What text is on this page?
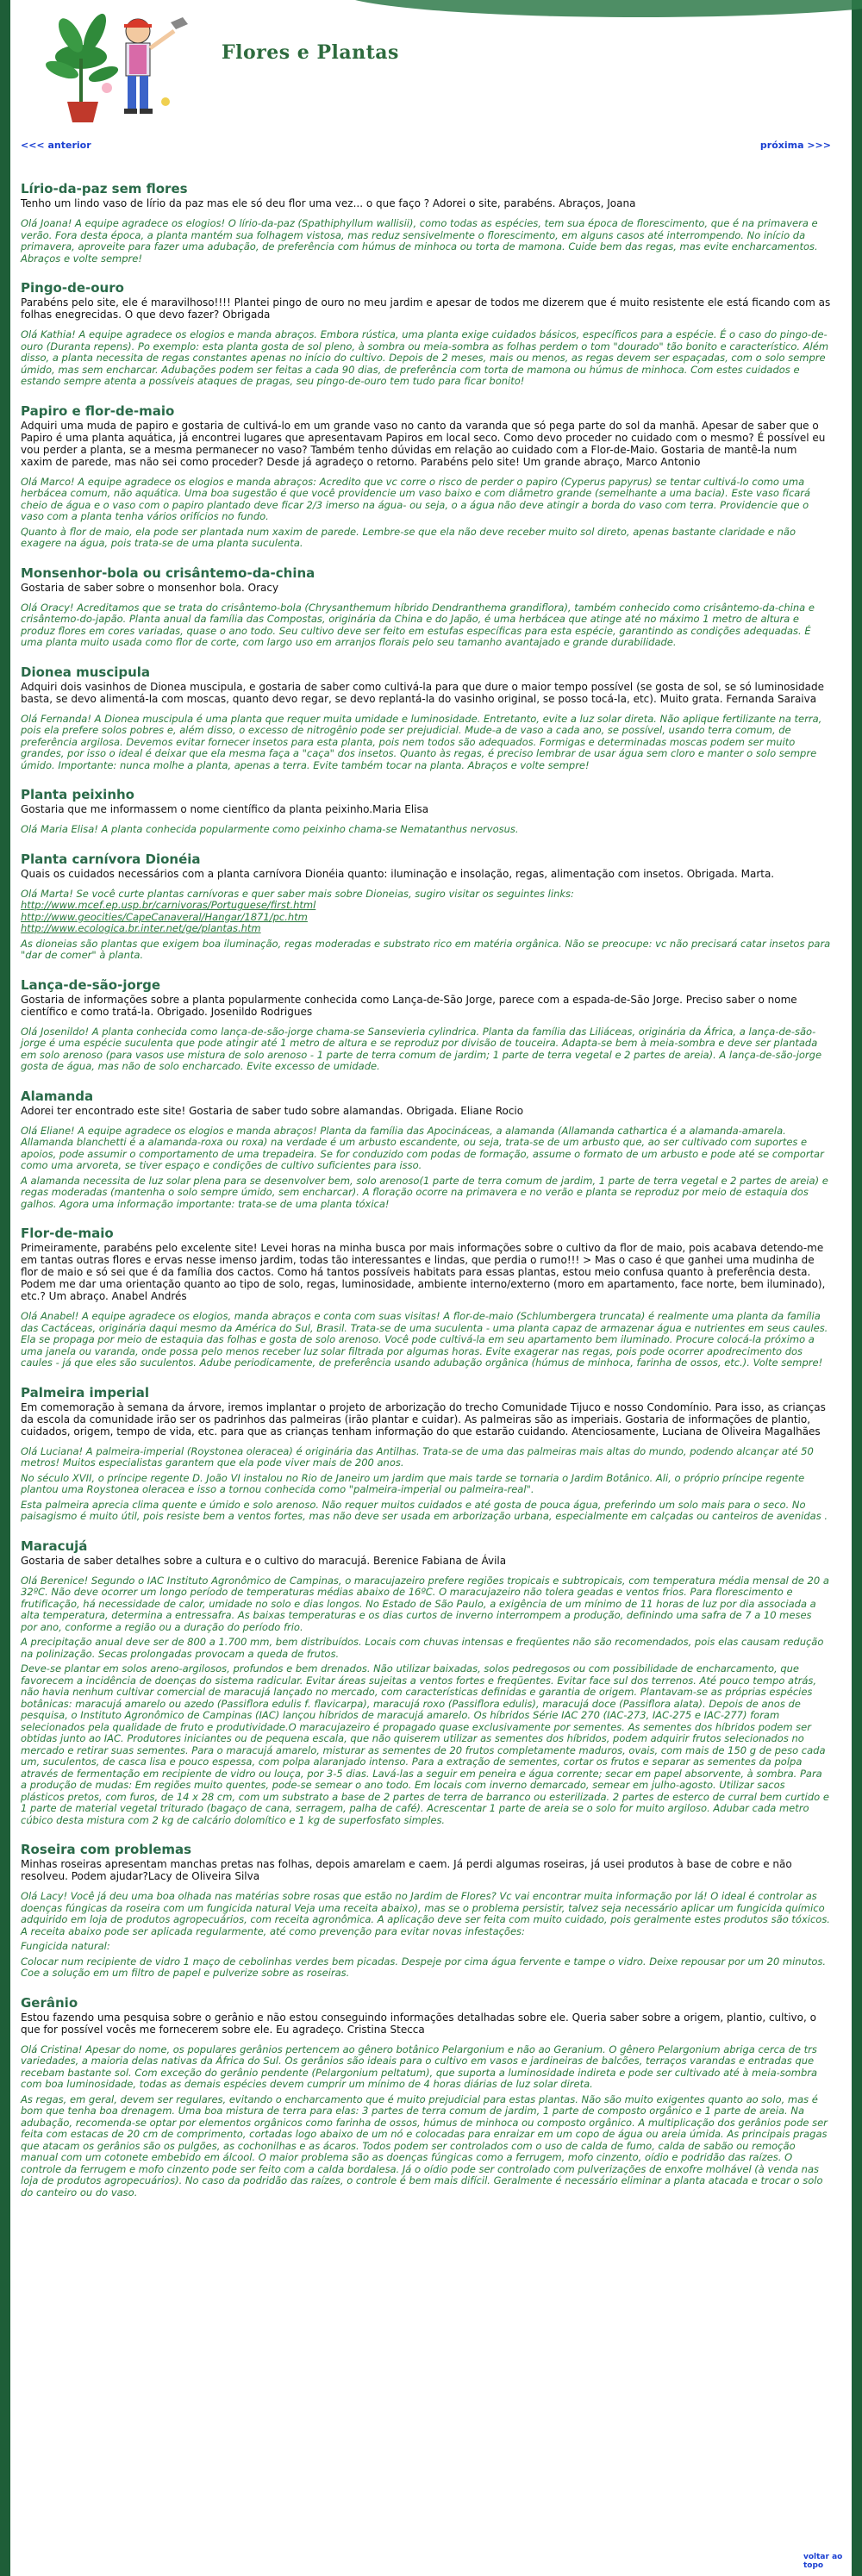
Flores e Plantas
<<< anterior	próxima >>>
Lírio-da-paz sem flores

Tenho um lindo vaso de lírio da paz mas ele só deu flor uma vez... o que faço ? Adorei o site, parabéns. Abraços, Joana

Olá Joana! A equipe agradece os elogios! O lírio-da-paz (Spathiphyllum wallisii), como todas as espécies, tem sua época de florescimento, que é na primavera e verão. Fora desta época, a planta mantém sua folhagem vistosa, mas reduz sensivelmente o florescimento, em alguns casos até interrompendo. No início da primavera, aproveite para fazer uma adubação, de preferência com húmus de minhoca ou torta de mamona. Cuide bem das regas, mas evite encharcamentos. Abraços e volte sempre!

Pingo-de-ouro

Parabéns pelo site, ele é maravilhoso!!!! Plantei pingo de ouro no meu jardim e apesar de todos me dizerem que é muito resistente ele está ficando com as folhas enegrecidas. O que devo fazer? Obrigada

Olá Kathia! A equipe agradece os elogios e manda abraços. Embora rústica, uma planta exige cuidados básicos, específicos para a espécie. É o caso do pingo-de-ouro (Duranta repens). Po exemplo: esta planta gosta de sol pleno, à sombra ou meia-sombra as folhas perdem o tom "dourado" tão bonito e característico. Além disso, a planta necessita de regas constantes apenas no início do cultivo. Depois de 2 meses, mais ou menos, as regas devem ser espaçadas, com o solo sempre úmido, mas sem encharcar. Adubações podem ser feitas a cada 90 dias, de preferência com torta de mamona ou húmus de minhoca. Com estes cuidados e estando sempre atenta a possíveis ataques de pragas, seu pingo-de-ouro tem tudo para ficar bonito!

Papiro e flor-de-maio

Adquiri uma muda de papiro e gostaria de cultivá-lo em um grande vaso no canto da varanda que só pega parte do sol da manhã. Apesar de saber que o Papiro é uma planta aquática, já encontrei lugares que apresentavam Papiros em local seco. Como devo proceder no cuidado com o mesmo? É possível eu vou perder a planta, se a mesma permanecer no vaso? Também tenho dúvidas em relação ao cuidado com a Flor-de-Maio. Gostaria de mantê-la num xaxim de parede, mas não sei como proceder? Desde já agradeço o retorno. Parabéns pelo site! Um grande abraço, Marco Antonio

Olá Marco! A equipe agradece os elogios e manda abraços: Acredito que vc corre o risco de perder o papiro (Cyperus papyrus) se tentar cultivá-lo como uma herbácea comum, não aquática. Uma boa sugestão é que você providencie um vaso baixo e com diâmetro grande (semelhante a uma bacia). Este vaso ficará cheio de água e o vaso com o papiro plantado deve ficar 2/3 imerso na água- ou seja, o a água não deve atingir a borda do vaso com terra. Providencie que o vaso com a planta tenha vários orifícios no fundo.

Quanto à flor de maio, ela pode ser plantada num xaxim de parede. Lembre-se que ela não deve receber muito sol direto, apenas bastante claridade e não exagere na água, pois trata-se de uma planta suculenta.

Monsenhor-bola ou crisântemo-da-china

Gostaria de saber sobre o monsenhor bola. Oracy

Olá Oracy! Acreditamos que se trata do crisântemo-bola (Chrysanthemum híbrido Dendranthema grandiflora), também conhecido como crisântemo-da-china e crisântemo-do-japão. Planta anual da família das Compostas, originária da China e do Japão, é uma herbácea que atinge até no máximo 1 metro de altura e produz flores em cores variadas, quase o ano todo. Seu cultivo deve ser feito em estufas específicas para esta espécie, garantindo as condições adequadas. É uma planta muito usada como flor de corte, com largo uso em arranjos florais pelo seu tamanho avantajado e grande durabilidade.

Dionea muscipula

Adquiri dois vasinhos de Dionea muscipula, e gostaria de saber como cultivá-la para que dure o maior tempo possível (se gosta de sol, se só luminosidade basta, se devo alimentá-la com moscas, quanto devo regar, se devo replantá-la do vasinho original, se posso tocá-la, etc). Muito grata. Fernanda Saraiva

Olá Fernanda! A Dionea muscipula é uma planta que requer muita umidade e luminosidade. Entretanto, evite a luz solar direta. Não aplique fertilizante na terra, pois ela prefere solos pobres e, além disso, o excesso de nitrogênio pode ser prejudicial. Mude-a de vaso a cada ano, se possível, usando terra comum, de preferência argilosa. Devemos evitar fornecer insetos para esta planta, pois nem todos são adequados. Formigas e determinadas moscas podem ser muito grandes, por isso o ideal é deixar que ela mesma faça a "caça" dos insetos. Quanto às regas, é preciso lembrar de usar água sem cloro e manter o solo sempre úmido. Importante: nunca molhe a planta, apenas a terra. Evite também tocar na planta. Abraços e volte sempre!

Planta peixinho

Gostaria que me informassem o nome científico da planta peixinho.Maria Elisa

Olá Maria Elisa! A planta conhecida popularmente como peixinho chama-se Nematanthus nervosus.

Planta carnívora Dionéia

Quais os cuidados necessários com a planta carnívora Dionéia quanto: iluminação e insolação, regas, alimentação com insetos. Obrigada. Marta.

Olá Marta! Se você curte plantas carnívoras e quer saber mais sobre Dioneias, sugiro visitar os seguintes links:

http://www.mcef.ep.usp.br/carnivoras/Portuguese/first.html
http://www.geocities/CapeCanaveral/Hangar/1871/pc.htm
http://www.ecologica.br.inter.net/ge/plantas.htm

As dioneias são plantas que exigem boa iluminação, regas moderadas e substrato rico em matéria orgânica. Não se preocupe: vc não precisará catar insetos para "dar de comer" à planta.

Lança-de-são-jorge

Gostaria de informações sobre a planta popularmente conhecida como Lança-de-São Jorge, parece com a espada-de-São Jorge. Preciso saber o nome científico e como tratá-la. Obrigado. Josenildo Rodrigues

Olá Josenildo! A planta conhecida como lança-de-são-jorge chama-se Sansevieria cylindrica. Planta da família das Liliáceas, originária da África, a lança-de-são-jorge é uma espécie suculenta que pode atingir até 1 metro de altura e se reproduz por divisão de touceira. Adapta-se bem à meia-sombra e deve ser plantada em solo arenoso (para vasos use mistura de solo arenoso - 1 parte de terra comum de jardim; 1 parte de terra vegetal e 2 partes de areia). A lança-de-são-jorge gosta de água, mas não de solo encharcado. Evite excesso de umidade.

Alamanda

Adorei ter encontrado este site! Gostaria de saber tudo sobre alamandas. Obrigada. Eliane Rocio

Olá Eliane! A equipe agradece os elogios e manda abraços! Planta da família das Apocináceas, a alamanda (Allamanda cathartica é a alamanda-amarela. Allamanda blanchetti é a alamanda-roxa ou roxa) na verdade é um arbusto escandente, ou seja, trata-se de um arbusto que, ao ser cultivado com suportes e apoios, pode assumir o comportamento de uma trepadeira. Se for conduzido com podas de formação, assume o formato de um arbusto e pode até se comportar como uma arvoreta, se tiver espaço e condições de cultivo suficientes para isso.

A alamanda necessita de luz solar plena para se desenvolver bem, solo arenoso(1 parte de terra comum de jardim, 1 parte de terra vegetal e 2 partes de areia) e regas moderadas (mantenha o solo sempre úmido, sem encharcar). A floração ocorre na primavera e no verão e planta se reproduz por meio de estaquia dos galhos. Agora uma informação importante: trata-se de uma planta tóxica!

Flor-de-maio

Primeiramente, parabéns pelo excelente site! Levei horas na minha busca por mais informações sobre o cultivo da flor de maio, pois acabava detendo-me em tantas outras flores e ervas nesse imenso jardim, todas tão interessantes e lindas, que perdia o rumo!!! > Mas o caso é que ganhei uma mudinha de flor de maio e só sei que é da família dos cactos. Como há tantos possíveis habitats para essas plantas, estou meio confusa quanto à preferência desta. Podem me dar uma orientação quanto ao tipo de solo, regas, luminosidade, ambiente interno/externo (moro em apartamento, face norte, bem iluminado), etc.? Um abraço. Anabel Andrés

Olá Anabel! A equipe agradece os elogios, manda abraços e conta com suas visitas! A flor-de-maio (Schlumbergera truncata) é realmente uma planta da família das Cactáceas, originária daqui mesmo da América do Sul, Brasil. Trata-se de uma suculenta - uma planta capaz de armazenar água e nutrientes em seus caules. Ela se propaga por meio de estaquia das folhas e gosta de solo arenoso. Você pode cultivá-la em seu apartamento bem iluminado. Procure colocá-la próximo a uma janela ou varanda, onde possa pelo menos receber luz solar filtrada por algumas horas. Evite exagerar nas regas, pois pode ocorrer apodrecimento dos caules - já que eles são suculentos. Adube periodicamente, de preferência usando adubação orgânica (húmus de minhoca, farinha de ossos, etc.). Volte sempre!

Palmeira imperial

Em comemoração à semana da árvore, iremos implantar o projeto de arborização do trecho Comunidade Tijuco e nosso Condomínio. Para isso, as crianças da escola da comunidade irão ser os padrinhos das palmeiras (irão plantar e cuidar). As palmeiras são as imperiais. Gostaria de informações de plantio, cuidados, origem, tempo de vida, etc. para que as crianças tenham informação do que estarão cuidando. Atenciosamente, Luciana de Oliveira Magalhães

Olá Luciana! A palmeira-imperial (Roystonea oleracea) é originária das Antilhas. Trata-se de uma das palmeiras mais altas do mundo, podendo alcançar até 50 metros! Muitos especialistas garantem que ela pode viver mais de 200 anos.

No século XVII, o príncipe regente D. João VI instalou no Rio de Janeiro um jardim que mais tarde se tornaria o Jardim Botânico. Ali, o próprio príncipe regente plantou uma Roystonea oleracea e isso a tornou conhecida como "palmeira-imperial ou palmeira-real".

Esta palmeira aprecia clima quente e úmido e solo arenoso. Não requer muitos cuidados e até gosta de pouca água, preferindo um solo mais para o seco. No paisagismo é muito útil, pois resiste bem a ventos fortes, mas não deve ser usada em arborização urbana, especialmente em calçadas ou canteiros de avenidas .

Maracujá

Gostaria de saber detalhes sobre a cultura e o cultivo do maracujá. Berenice Fabiana de Ávila

Olá Berenice! Segundo o IAC Instituto Agronômico de Campinas, o maracujazeiro prefere regiões tropicais e subtropicais, com temperatura média mensal de 20 a 32ºC. Não deve ocorrer um longo período de temperaturas médias abaixo de 16ºC. O maracujazeiro não tolera geadas e ventos frios. Para florescimento e frutificação, há necessidade de calor, umidade no solo e dias longos. No Estado de São Paulo, a exigência de um mínimo de 11 horas de luz por dia associada a alta temperatura, determina a entressafra. As baixas temperaturas e os dias curtos de inverno interrompem a produção, definindo uma safra de 7 a 10 meses por ano, conforme a região ou a duração do período frio.

A precipitação anual deve ser de 800 a 1.700 mm, bem distribuídos. Locais com chuvas intensas e freqüentes não são recomendados, pois elas causam redução na polinização. Secas prolongadas provocam a queda de frutos.

Deve-se plantar em solos areno-argilosos, profundos e bem drenados. Não utilizar baixadas, solos pedregosos ou com possibilidade de encharcamento, que favorecem a incidência de doenças do sistema radicular. Evitar áreas sujeitas a ventos fortes e freqüentes. Evitar face sul dos terrenos. Até pouco tempo atrás, não havia nenhum cultivar comercial de maracujá lançado no mercado, com características definidas e garantia de origem. Plantavam-se as próprias espécies botânicas: maracujá amarelo ou azedo (Passiflora edulis f. flavicarpa), maracujá roxo (Passiflora edulis), maracujá doce (Passiflora alata). Depois de anos de pesquisa, o Instituto Agronômico de Campinas (IAC) lançou híbridos de maracujá amarelo. Os híbridos Série IAC 270 (IAC-273, IAC-275 e IAC-277) foram selecionados pela qualidade de fruto e produtividade.O maracujazeiro é propagado quase exclusivamente por sementes. As sementes dos híbridos podem ser obtidas junto ao IAC. Produtores iniciantes ou de pequena escala, que não quiserem utilizar as sementes dos híbridos, podem adquirir frutos selecionados no mercado e retirar suas sementes. Para o maracujá amarelo, misturar as sementes de 20 frutos completamente maduros, ovais, com mais de 150 g de peso cada um, suculentos, de casca lisa e pouco espessa, com polpa alaranjado intenso. Para a extração de sementes, cortar os frutos e separar as sementes da polpa através de fermentação em recipiente de vidro ou louça, por 3-5 dias. Lavá-las a seguir em peneira e água corrente; secar em papel absorvente, à sombra. Para a produção de mudas: Em regiões muito quentes, pode-se semear o ano todo. Em locais com inverno demarcado, semear em julho-agosto. Utilizar sacos plásticos pretos, com furos, de 14 x 28 cm, com um substrato a base de 2 partes de terra de barranco ou esterilizada. 2 partes de esterco de curral bem curtido e 1 parte de material vegetal triturado (bagaço de cana, serragem, palha de café). Acrescentar 1 parte de areia se o solo for muito argiloso. Adubar cada metro cúbico desta mistura com 2 kg de calcário dolomítico e 1 kg de superfosfato simples.

Roseira com problemas

Minhas roseiras apresentam manchas pretas nas folhas, depois amarelam e caem. Já perdi algumas roseiras, já usei produtos à base de cobre e não resolveu. Podem ajudar?Lacy de Oliveira Silva

Olá Lacy! Você já deu uma boa olhada nas matérias sobre rosas que estão no Jardim de Flores? Vc vai encontrar muita informação por lá! O ideal é controlar as doenças fúngicas da roseira com um fungicida natural Veja uma receita abaixo), mas se o problema persistir, talvez seja necessário aplicar um fungicida químico adquirido em loja de produtos agropecuários, com receita agronômica. A aplicação deve ser feita com muito cuidado, pois geralmente estes produtos são tóxicos. A receita abaixo pode ser aplicada regularmente, até como prevenção para evitar novas infestações:

Fungicida natural:

Colocar num recipiente de vidro 1 maço de cebolinhas verdes bem picadas. Despeje por cima água fervente e tampe o vidro. Deixe repousar por um 20 minutos. Coe a solução em um filtro de papel e pulverize sobre as roseiras.

Gerânio

Estou fazendo uma pesquisa sobre o gerânio e não estou conseguindo informações detalhadas sobre ele. Queria saber sobre a origem, plantio, cultivo, o que for possível vocês me fornecerem sobre ele. Eu agradeço. Cristina Stecca

Olá Cristina! Apesar do nome, os populares gerânios pertencem ao gênero botânico Pelargonium e não ao Geranium. O gênero Pelargonium abriga cerca de trs variedades, a maioria delas nativas da África do Sul. Os gerânios são ideais para o cultivo em vasos e jardineiras de balcões, terraços varandas e entradas que recebam bastante sol. Com exceção do gerânio pendente (Pelargonium peltatum), que suporta a luminosidade indireta e pode ser cultivado até à meia-sombra com boa luminosidade, todas as demais espécies devem cumprir um mínimo de 4 horas diárias de luz solar direta.

As regas, em geral, devem ser regulares, evitando o encharcamento que é muito prejudicial para estas plantas. Não são muito exigentes quanto ao solo, mas é bom que tenha boa drenagem. Uma boa mistura de terra para elas: 3 partes de terra comum de jardim, 1 parte de composto orgânico e 1 parte de areia. Na adubação, recomenda-se optar por elementos orgânicos como farinha de ossos, húmus de minhoca ou composto orgânico. A multiplicação dos gerânios pode ser feita com estacas de 20 cm de comprimento, cortadas logo abaixo de um nó e colocadas para enraizar em um copo de água ou areia úmida. As principais pragas que atacam os gerânios são os pulgões, as cochonilhas e as ácaros. Todos podem ser controlados com o uso de calda de fumo, calda de sabão ou remoção manual com um cotonete embebido em álcool. O maior problema são as doenças fúngicas como a ferrugem, mofo cinzento, oídio e podridão das raízes. O controle da ferrugem e mofo cinzento pode ser feito com a calda bordalesa. Já o oídio pode ser controlado com pulverizações de enxofre molhável (à venda nas loja de produtos agropecuários). No caso da podridão das raízes, o controle é bem mais difícil. Geralmente é necessário eliminar a planta atacada e trocar o solo do canteiro ou do vaso.

voltar ao topo
